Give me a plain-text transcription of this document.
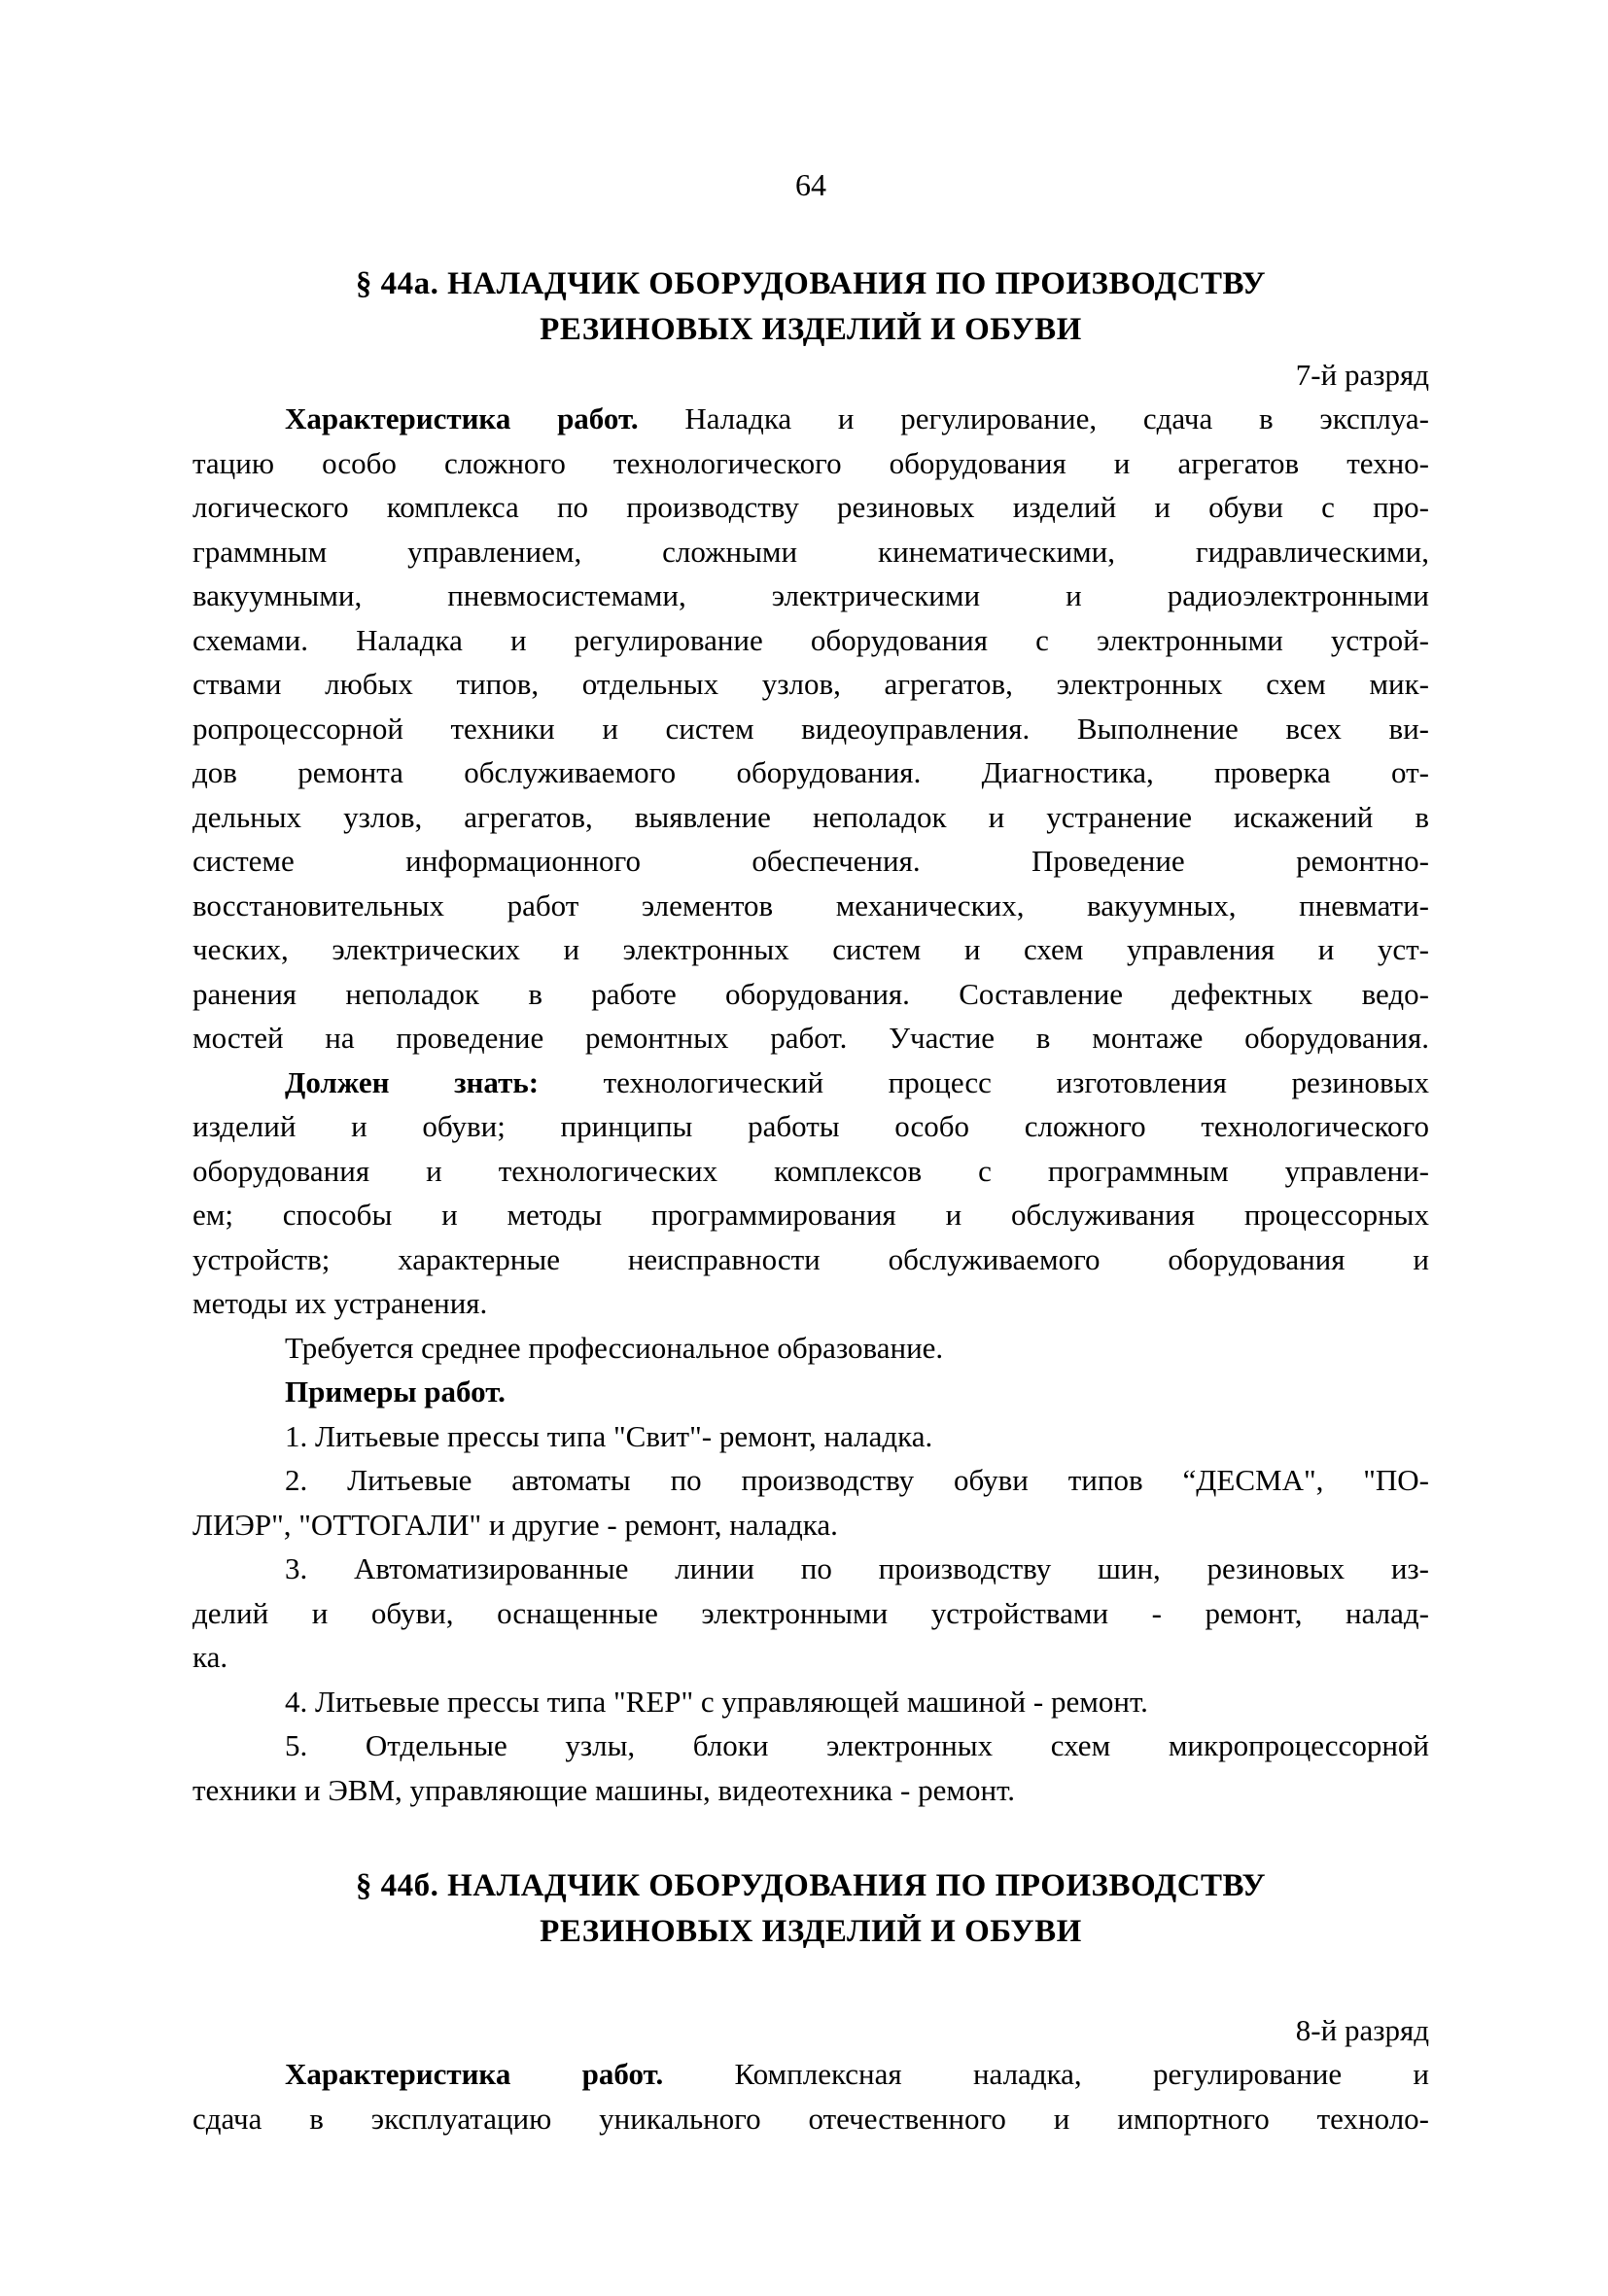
64
§ 44а. НАЛАДЧИК ОБОРУДОВАНИЯ ПО ПРОИЗВОДСТВУ
РЕЗИНОВЫХ ИЗДЕЛИЙ И ОБУВИ
7-й разряд
Характеристика работ. Наладка и регулирование, сдача в эксплуа-
тацию особо сложного технологического оборудования и агрегатов техно-
логического комплекса по производству резиновых изделий и обуви с про-
граммным управлением, сложными кинематическими, гидравлическими,
вакуумными, пневмосистемами, электрическими и радиоэлектронными
схемами. Наладка и регулирование оборудования с электронными устрой-
ствами любых типов, отдельных узлов, агрегатов, электронных схем мик-
ропроцессорной техники и систем видеоуправления. Выполнение всех ви-
дов ремонта обслуживаемого оборудования. Диагностика, проверка от-
дельных узлов, агрегатов, выявление неполадок и устранение искажений в
системе информационного обеспечения. Проведение ремонтно-
восстановительных работ элементов механических, вакуумных, пневмати-
ческих, электрических и электронных систем и схем управления и уст-
ранения неполадок в работе оборудования. Составление дефектных ведо-
мостей на проведение ремонтных работ. Участие в монтаже оборудования.
Должен знать: технологический процесс изготовления резиновых
изделий и обуви; принципы работы особо сложного технологического
оборудования и технологических комплексов с программным управлени-
ем; способы и методы программирования и обслуживания процессорных
устройств; характерные неисправности обслуживаемого оборудования и
методы их устранения.
Требуется среднее профессиональное образование.
Примеры работ.
1. Литьевые прессы типа "Свит"- ремонт, наладка.
2. Литьевые автоматы по производству обуви типов “ДЕСМА", "ПО-
ЛИЭР", "ОТТОГАЛИ" и другие - ремонт, наладка.
3. Автоматизированные линии по производству шин, резиновых из-
делий и обуви, оснащенные электронными устройствами - ремонт, налад-
ка.
4. Литьевые прессы типа "REP" с управляющей машиной - ремонт.
5. Отдельные узлы, блоки электронных схем микропроцессорной
техники и ЭВМ, управляющие машины, видеотехника - ремонт.
§ 44б. НАЛАДЧИК ОБОРУДОВАНИЯ ПО ПРОИЗВОДСТВУ
РЕЗИНОВЫХ ИЗДЕЛИЙ И ОБУВИ
8-й разряд
Характеристика работ. Комплексная наладка, регулирование и
сдача в эксплуатацию уникального отечественного и импортного техноло-
